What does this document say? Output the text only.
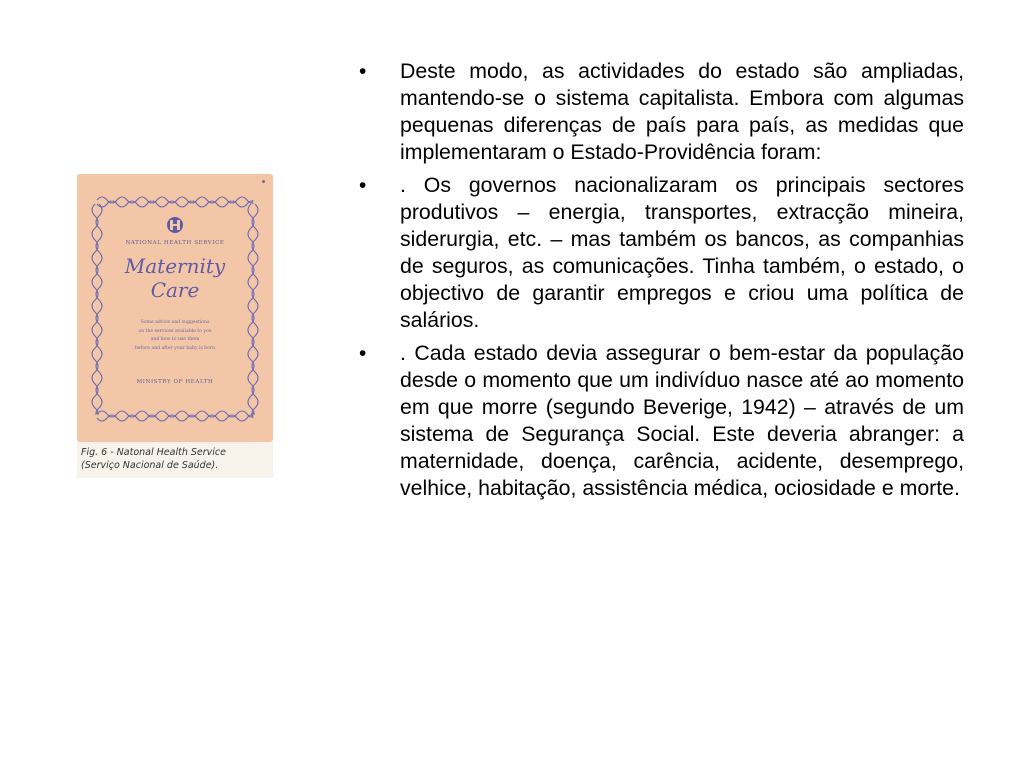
NATIONAL HEALTH SERVICE
Maternity
Care
Some advice and suggestions
on the services available to you
and how to use them
before and after your baby is born
MINISTRY OF HEALTH
Fig. 6 - Natonal Health Service
(Serviço Nacional de Saúde).
• Deste modo, as actividades do estado são ampliadas, mantendo-se o sistema capitalista. Embora com algumas pequenas diferenças de país para país, as medidas que implementaram o Estado-Providência foram:
• . Os governos nacionalizaram os principais sectores produtivos – energia, transportes, extracção mineira, siderurgia, etc. – mas também os bancos, as companhias de seguros, as comunicações. Tinha também, o estado, o objectivo de garantir empregos e criou uma política de salários.
• . Cada estado devia assegurar o bem-estar da população desde o momento que um indivíduo nasce até ao momento em que morre (segundo Beverige, 1942) – através de um sistema de Segurança Social. Este deveria abranger: a maternidade, doença, carência, acidente, desemprego, velhice, habitação, assistência médica, ociosidade e morte.
